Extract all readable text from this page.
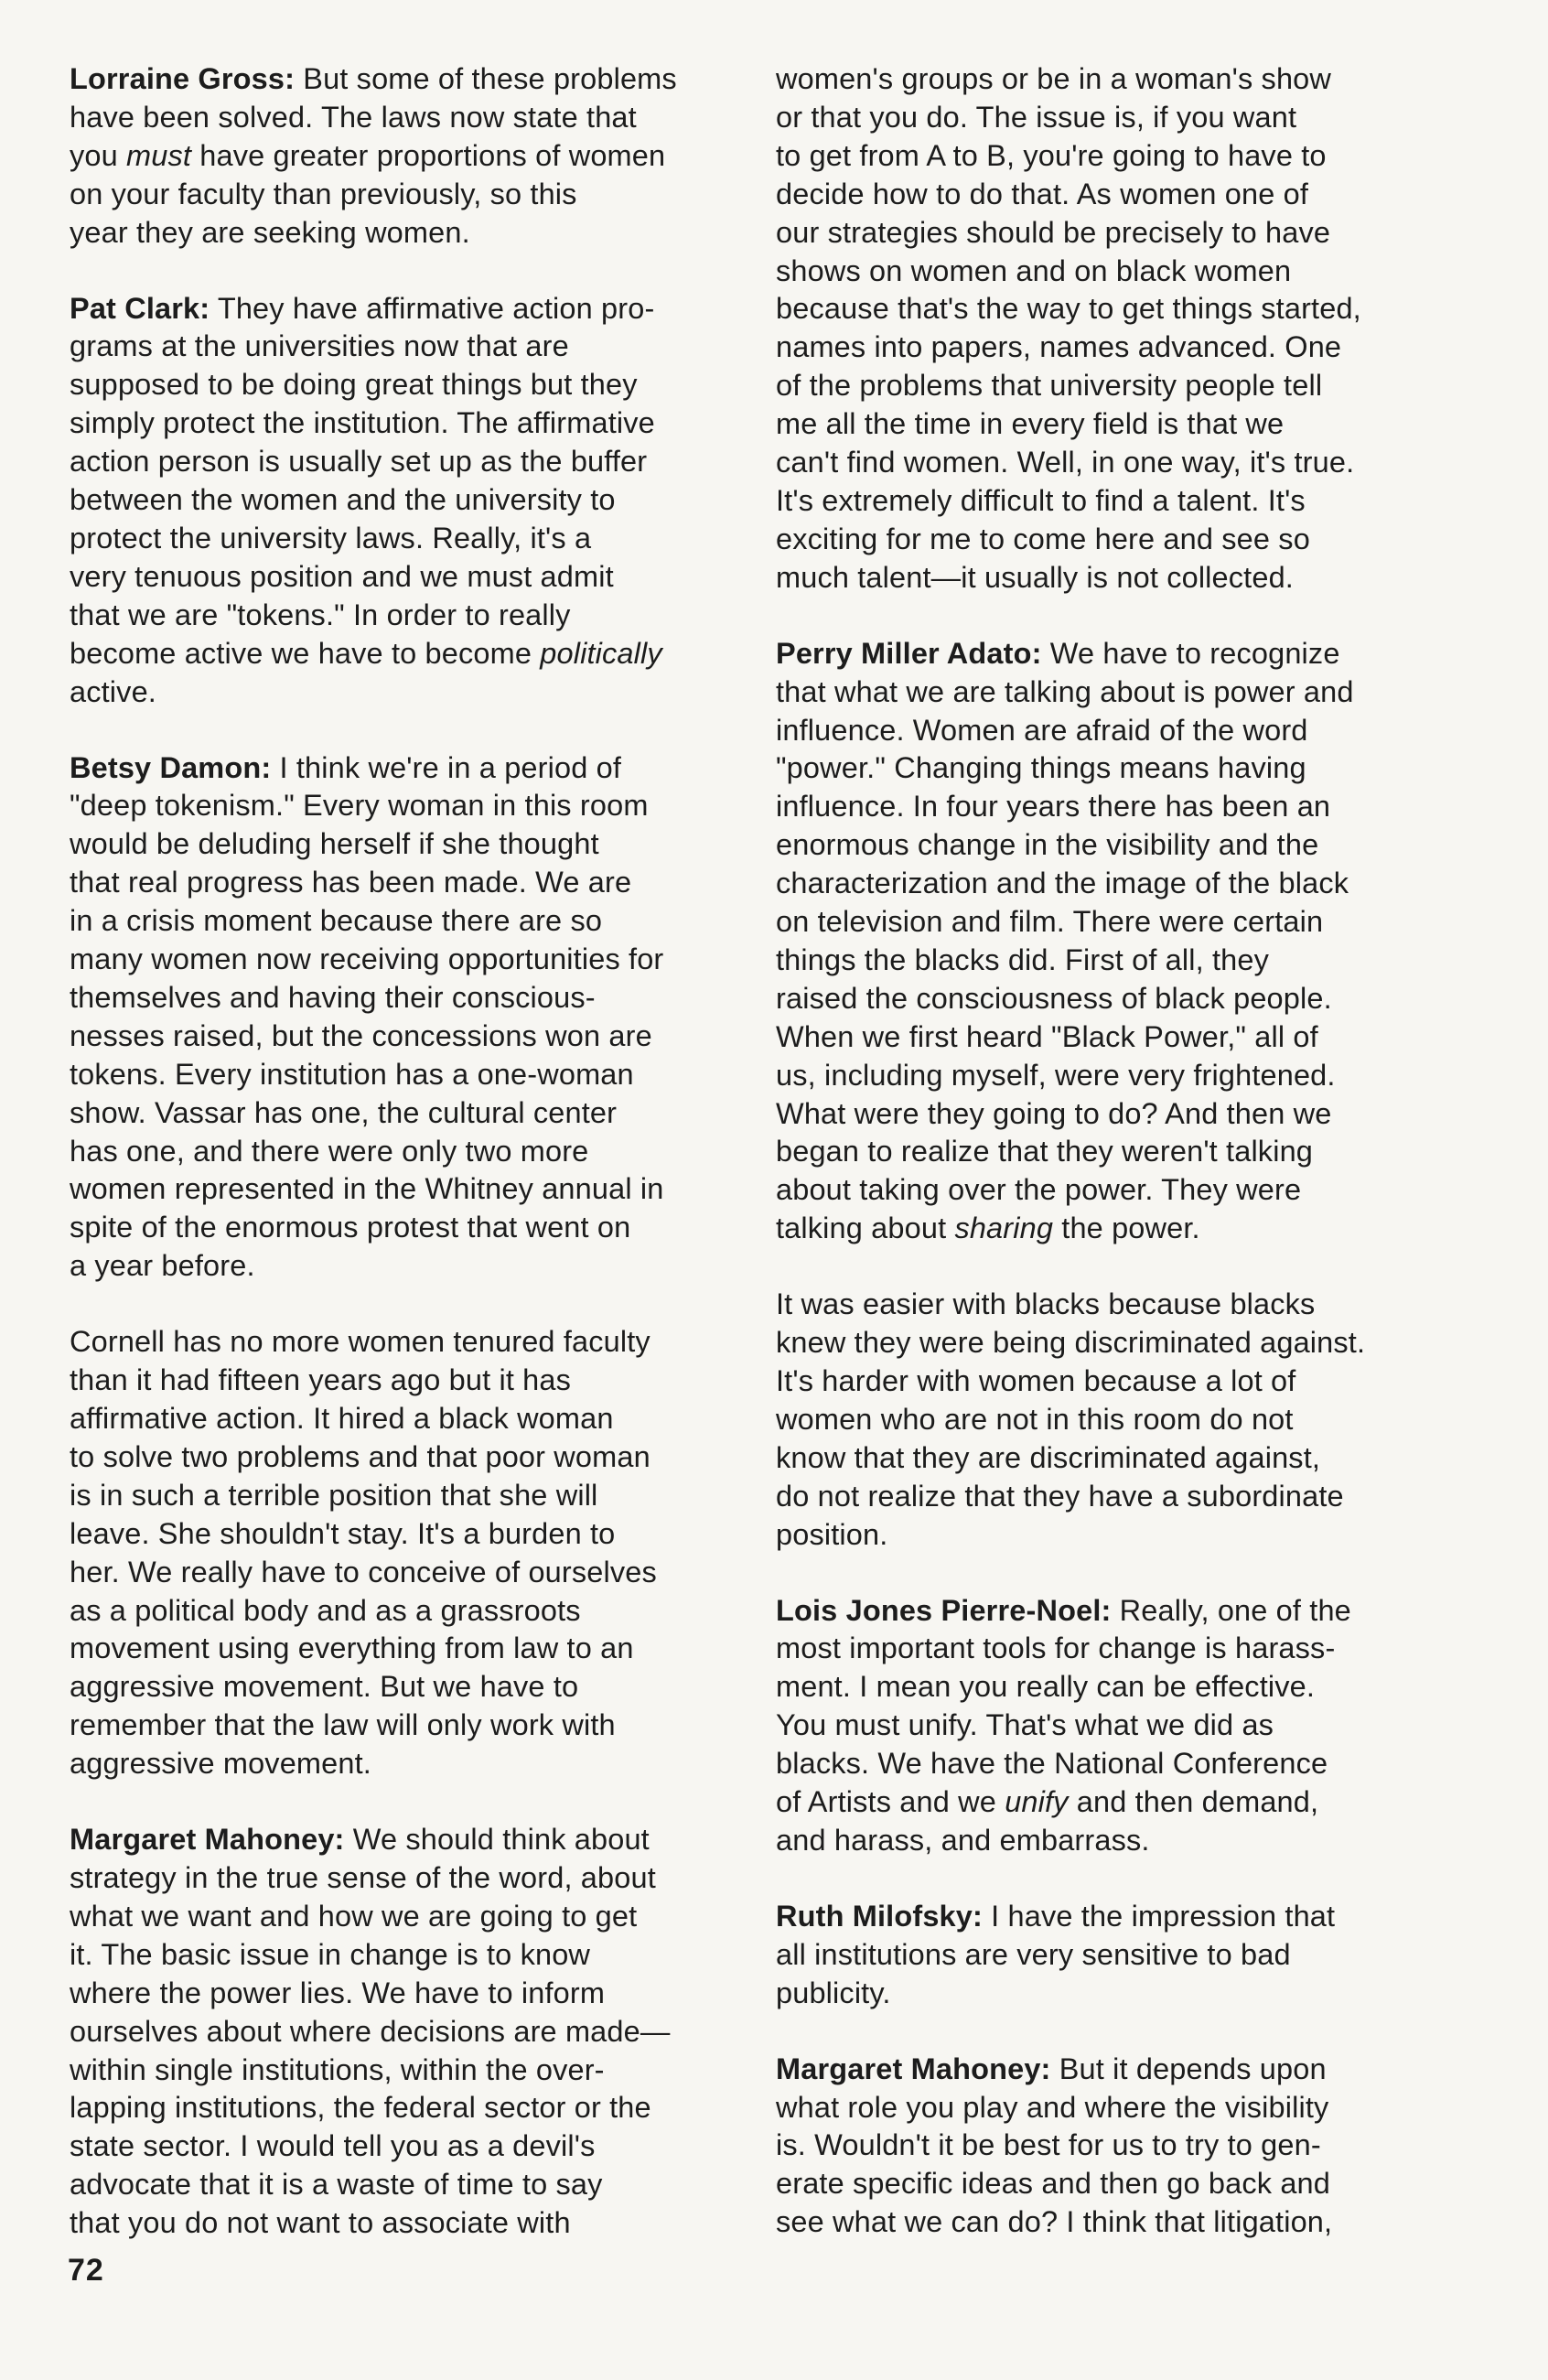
Lorraine Gross: But some of these problems
have been solved. The laws now state that
you must have greater proportions of women
on your faculty than previously, so this
year they are seeking women.
Pat Clark: They have affirmative action pro-
grams at the universities now that are
supposed to be doing great things but they
simply protect the institution. The affirmative
action person is usually set up as the buffer
between the women and the university to
protect the university laws. Really, it's a
very tenuous position and we must admit
that we are "tokens." In order to really
become active we have to become politically
active.
Betsy Damon: I think we're in a period of
"deep tokenism." Every woman in this room
would be deluding herself if she thought
that real progress has been made. We are
in a crisis moment because there are so
many women now receiving opportunities for
themselves and having their conscious-
nesses raised, but the concessions won are
tokens. Every institution has a one-woman
show. Vassar has one, the cultural center
has one, and there were only two more
women represented in the Whitney annual in
spite of the enormous protest that went on
a year before.
Cornell has no more women tenured faculty
than it had fifteen years ago but it has
affirmative action. It hired a black woman
to solve two problems and that poor woman
is in such a terrible position that she will
leave. She shouldn't stay. It's a burden to
her. We really have to conceive of ourselves
as a political body and as a grassroots
movement using everything from law to an
aggressive movement. But we have to
remember that the law will only work with
aggressive movement.
Margaret Mahoney: We should think about
strategy in the true sense of the word, about
what we want and how we are going to get
it. The basic issue in change is to know
where the power lies. We have to inform
ourselves about where decisions are made—
within single institutions, within the over-
lapping institutions, the federal sector or the
state sector. I would tell you as a devil's
advocate that it is a waste of time to say
that you do not want to associate with
women's groups or be in a woman's show
or that you do. The issue is, if you want
to get from A to B, you're going to have to
decide how to do that. As women one of
our strategies should be precisely to have
shows on women and on black women
because that's the way to get things started,
names into papers, names advanced. One
of the problems that university people tell
me all the time in every field is that we
can't find women. Well, in one way, it's true.
It's extremely difficult to find a talent. It's
exciting for me to come here and see so
much talent—it usually is not collected.
Perry Miller Adato: We have to recognize
that what we are talking about is power and
influence. Women are afraid of the word
"power." Changing things means having
influence. In four years there has been an
enormous change in the visibility and the
characterization and the image of the black
on television and film. There were certain
things the blacks did. First of all, they
raised the consciousness of black people.
When we first heard "Black Power," all of
us, including myself, were very frightened.
What were they going to do? And then we
began to realize that they weren't talking
about taking over the power. They were
talking about sharing the power.
It was easier with blacks because blacks
knew they were being discriminated against.
It's harder with women because a lot of
women who are not in this room do not
know that they are discriminated against,
do not realize that they have a subordinate
position.
Lois Jones Pierre-Noel: Really, one of the
most important tools for change is harass-
ment. I mean you really can be effective.
You must unify. That's what we did as
blacks. We have the National Conference
of Artists and we unify and then demand,
and harass, and embarrass.
Ruth Milofsky: I have the impression that
all institutions are very sensitive to bad
publicity.
Margaret Mahoney: But it depends upon
what role you play and where the visibility
is. Wouldn't it be best for us to try to gen-
erate specific ideas and then go back and
see what we can do? I think that litigation,
72
